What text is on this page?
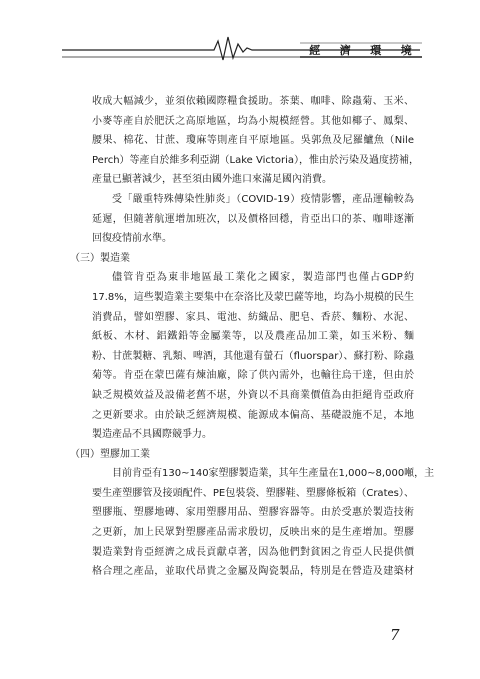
經 濟 環 境
收成大幅減少，並須依賴國際糧食援助。茶葉、咖啡、除蟲菊、玉米、
小麥等產自於肥沃之高原地區，均為小規模經營。其他如椰子、鳳梨、
腰果、棉花、甘蔗、瓊麻等則產自平原地區。吳郭魚及尼羅鱸魚（Nile
Perch）等產自於維多利亞湖（Lake Victoria），惟由於污染及過度捞補，
產量已顯著減少，甚至須由國外進口來滿足國內消費。
受「嚴重特殊傳染性肺炎」（COVID-19）疫情影響，產品運輸較為
延遲，但隨著航運增加班次，以及價格回穩，肯亞出口的茶、咖啡逐漸
回復疫情前水準。
（三）製造業
儘管肯亞為東非地區最工業化之國家，製造部門也僅占GDP約
17.8%，這些製造業主要集中在奈洛比及蒙巴薩等地，均為小規模的民生
消費品，譬如塑膠、家具、電池、紡織品、肥皂、香菸、麵粉、水泥、
紙板、木材、鋁鐵鉛等金屬業等，以及農產品加工業，如玉米粉、麵
粉、甘蔗製糖、乳類、啤酒，其他還有螢石（fluorspar）、蘇打粉、除蟲
菊等。肯亞在蒙巴薩有煉油廠，除了供內需外，也輸往烏干達，但由於
缺乏規模效益及設備老舊不堪，外資以不具商業價值為由拒絕肯亞政府
之更新要求。由於缺乏經濟規模、能源成本偏高、基礎設施不足，本地
製造產品不具國際競爭力。
（四）塑膠加工業
目前肯亞有130~140家塑膠製造業，其年生產量在1,000~8,000噸，主
要生產塑膠管及接頭配件、PE包裝袋、塑膠鞋、塑膠條板箱（Crates）、
塑膠瓶、塑膠地磚、家用塑膠用品、塑膠容器等。由於受惠於製造技術
之更新，加上民眾對塑膠產品需求殷切，反映出來的是生產增加。塑膠
製造業對肯亞經濟之成長貢獻卓著，因為他們對貧困之肯亞人民提供價
格合理之產品，並取代昂貴之金屬及陶瓷製品，特別是在營造及建築材
7
